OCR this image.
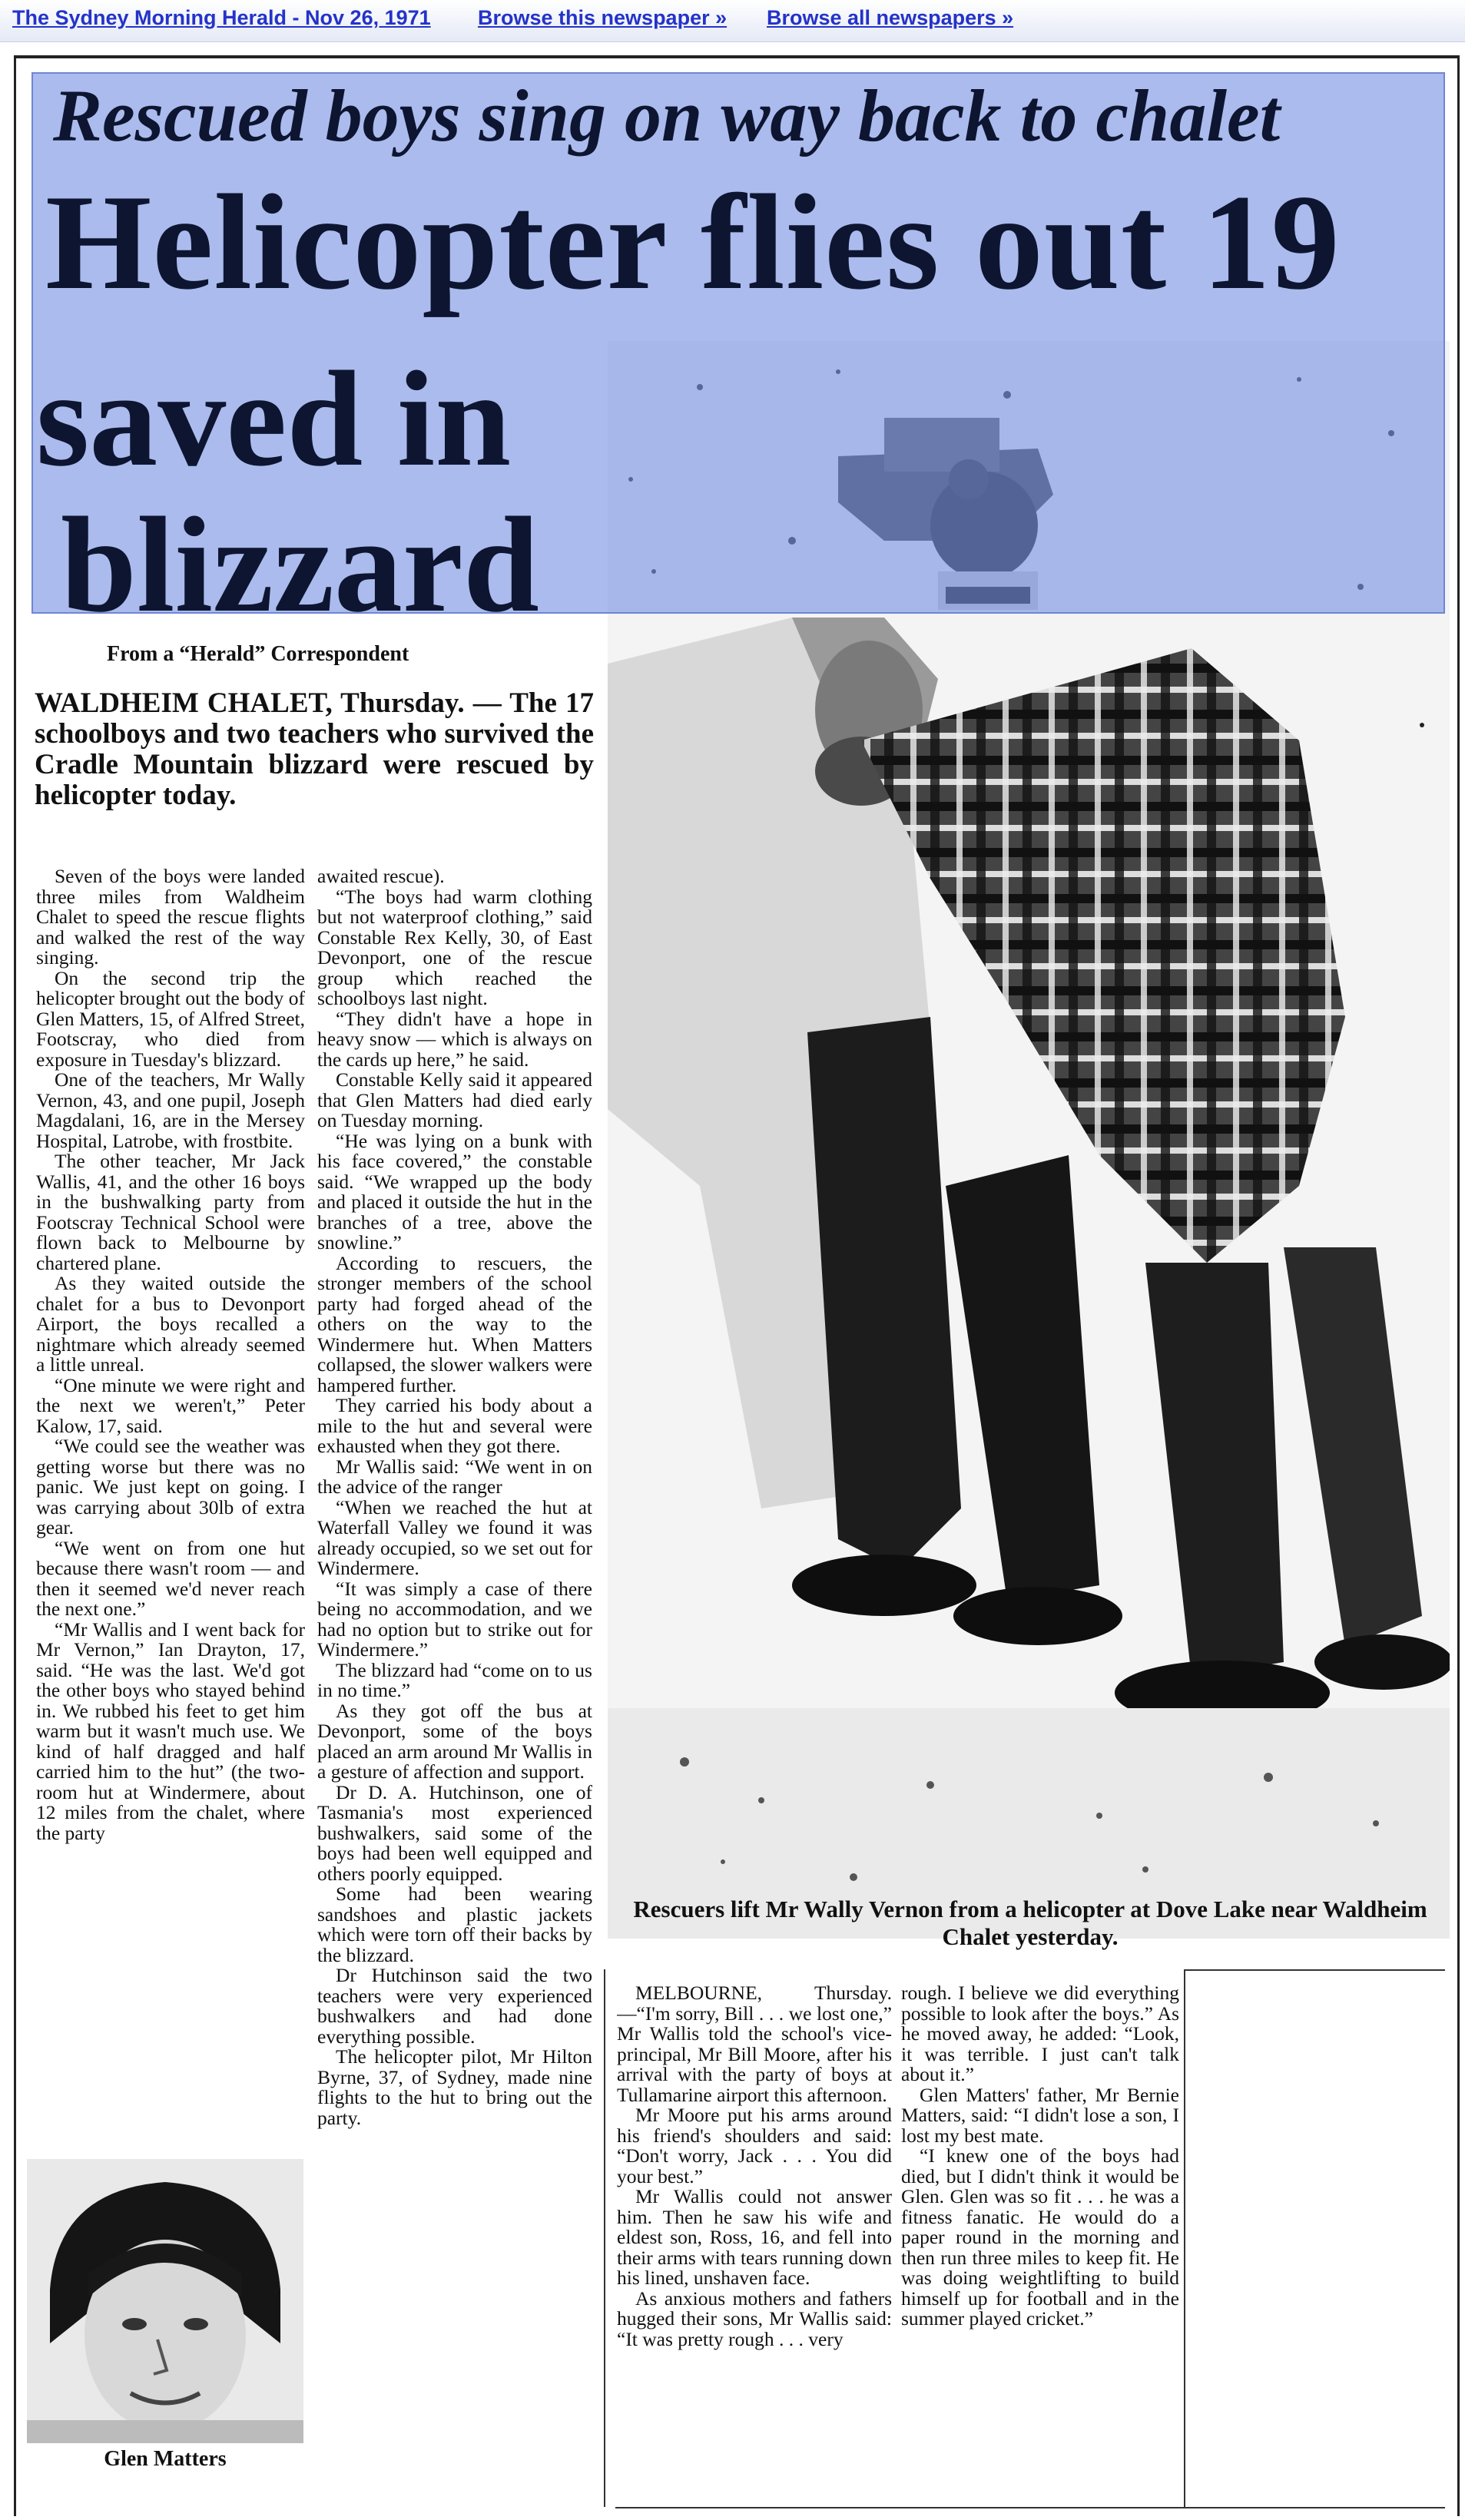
The Sydney Morning Herald - Nov 26, 1971 Browse this newspaper » Browse all newspapers »
Rescued boys sing on way back to chalet
Helicopter flies out 19
saved in
blizzard
From a “Herald” Correspondent

WALDHEIM CHALET, Thursday. — The 17 schoolboys and two teachers who survived the Cradle Mountain blizzard were rescued by helicopter today.

Seven of the boys were landed three miles from Waldheim Chalet to speed the rescue flights and walked the rest of the way singing.

On the second trip the helicopter brought out the body of Glen Matters, 15, of Alfred Street, Footscray, who died from exposure in Tuesday's blizzard.

One of the teachers, Mr Wally Vernon, 43, and one pupil, Joseph Magdalani, 16, are in the Mersey Hospital, Latrobe, with frostbite.

The other teacher, Mr Jack Wallis, 41, and the other 16 boys in the bushwalking party from Footscray Technical School were flown back to Melbourne by chartered plane.

As they waited outside the chalet for a bus to Devonport Airport, the boys recalled a nightmare which already seemed a little unreal.

“One minute we were right and the next we weren't,” Peter Kalow, 17, said.

“We could see the weather was getting worse but there was no panic. We just kept on going. I was carrying about 30lb of extra gear.

“We went on from one hut because there wasn't room — and then it seemed we'd never reach the next one.”

“Mr Wallis and I went back for Mr Vernon,” Ian Drayton, 17, said. “He was the last. We'd got the other boys who stayed behind in. We rubbed his feet to get him warm but it wasn't much use. We kind of half dragged and half carried him to the hut” (the two-room hut at Windermere, about 12 miles from the chalet, where the party

awaited rescue).

“The boys had warm clothing but not waterproof clothing,” said Constable Rex Kelly, 30, of East Devonport, one of the rescue group which reached the schoolboys last night.

“They didn't have a hope in heavy snow — which is always on the cards up here,” he said.

Constable Kelly said it appeared that Glen Matters had died early on Tuesday morning.

“He was lying on a bunk with his face covered,” the constable said. “We wrapped up the body and placed it outside the hut in the branches of a tree, above the snowline.”

According to rescuers, the stronger members of the school party had forged ahead of the others on the way to the Windermere hut. When Matters collapsed, the slower walkers were hampered further.

They carried his body about a mile to the hut and several were exhausted when they got there.

Mr Wallis said: “We went in on the advice of the ranger

“When we reached the hut at Waterfall Valley we found it was already occupied, so we set out for Windermere.

“It was simply a case of there being no accommodation, and we had no option but to strike out for Windermere.”

The blizzard had “come on to us in no time.”

As they got off the bus at Devonport, some of the boys placed an arm around Mr Wallis in a gesture of affection and support.

Dr D. A. Hutchinson, one of Tasmania's most experienced bushwalkers, said some of the boys had been well equipped and others poorly equipped.

Some had been wearing sandshoes and plastic jackets which were torn off their backs by the blizzard.

Dr Hutchinson said the two teachers were very experienced bushwalkers and had done everything possible.

The helicopter pilot, Mr Hilton Byrne, 37, of Sydney, made nine flights to the hut to bring out the party.

Rescuers lift Mr Wally Vernon from a helicopter at Dove Lake near Waldheim Chalet yesterday.

MELBOURNE, Thursday.—“I'm sorry, Bill . . . we lost one,” Mr Wallis told the school's vice-principal, Mr Bill Moore, after his arrival with the party of boys at Tullamarine airport this afternoon.

Mr Moore put his arms around his friend's shoulders and said: “Don't worry, Jack . . . You did your best.”

Mr Wallis could not answer him. Then he saw his wife and eldest son, Ross, 16, and fell into their arms with tears running down his lined, unshaven face.

As anxious mothers and fathers hugged their sons, Mr Wallis said: “It was pretty rough . . . very

rough. I believe we did everything possible to look after the boys.” As he moved away, he added: “Look, it was terrible. I just can't talk about it.”

Glen Matters' father, Mr Bernie Matters, said: “I didn't lose a son, I lost my best mate.

“I knew one of the boys had died, but I didn't think it would be Glen. Glen was so fit . . . he was a fitness fanatic. He would do a paper round in the morning and then run three miles to keep fit. He was doing weightlifting to build himself up for football and in the summer played cricket.”

Glen Matters
